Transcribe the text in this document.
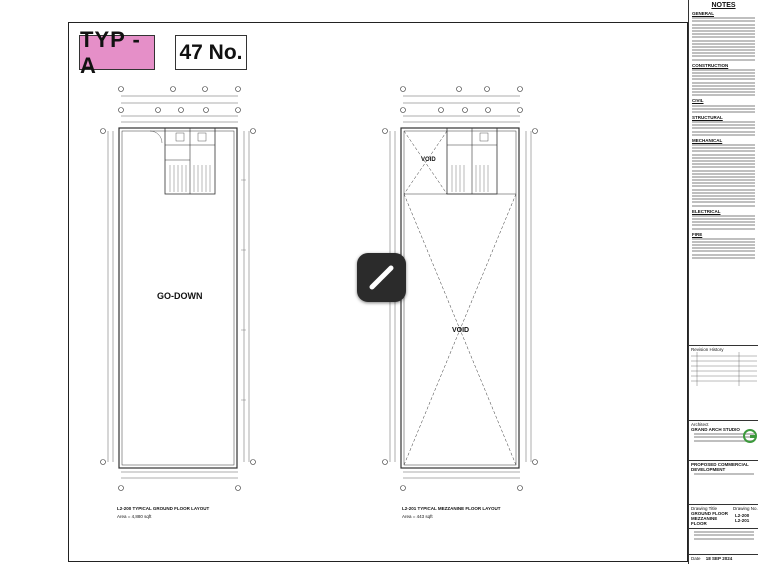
TYP - A
47 No.
GO-DOWN
L2-200 TYPICAL GROUND FLOOR LAYOUT
Area = 4,880 sqft
VOID
VOID
L2-201 TYPICAL MEZZANINE FLOOR LAYOUT
Area = 443 sqft
NOTES
GENERAL
CONSTRUCTION
CIVIL
STRUCTURAL
MECHANICAL
ELECTRICAL
FIRE
Revision History
Architect
GRAND ARCH STUDIO
PROPOSED COMMERCIAL DEVELOPMENT
Drawing Title
GROUND FLOOR MEZZANINE FLOOR
Drawing No.
L2-200 L2-201
Date 18 SEP 2024
